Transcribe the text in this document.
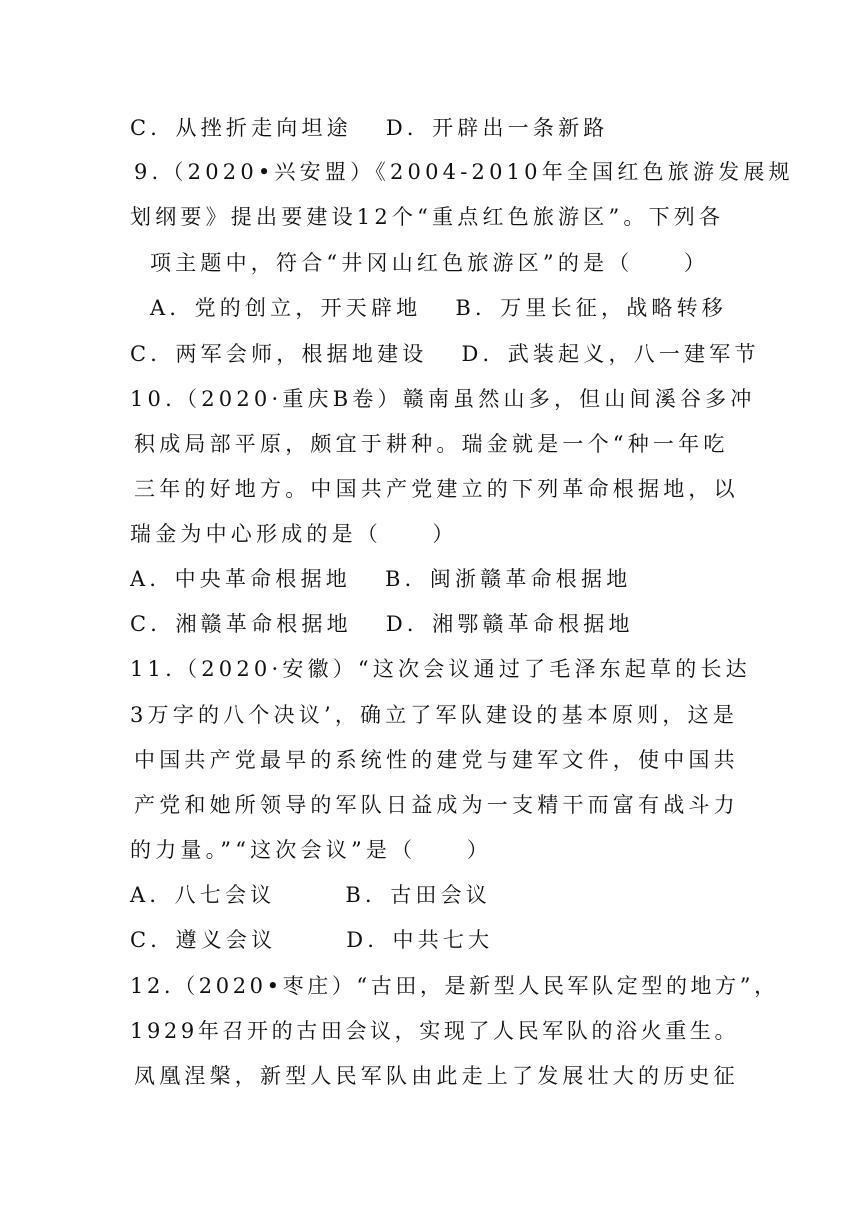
C．从挫折走向坦途 D．开辟出一条新路
9.（2020•兴安盟）《2004-2010年全国红色旅游发展规
划纲要》提出要建设12个“重点红色旅游区”。下列各
项主题中，符合“井冈山红色旅游区”的是（　　）
A．党的创立，开天辟地 B．万里长征，战略转移
C．两军会师，根据地建设 D．武装起义，八一建军节
10.（2020·重庆B卷）赣南虽然山多，但山间溪谷多冲
积成局部平原，颇宜于耕种。瑞金就是一个“种一年吃
三年的好地方。中国共产党建立的下列革命根据地，以
瑞金为中心形成的是（　　）
A．中央革命根据地 B．闽浙赣革命根据地
C．湘赣革命根据地 D．湘鄂赣革命根据地
11.（2020·安徽）“这次会议通过了毛泽东起草的长达
3万字的八个决议’，确立了军队建设的基本原则，这是
中国共产党最早的系统性的建党与建军文件，使中国共
产党和她所领导的军队日益成为一支精干而富有战斗力
的力量。”“这次会议”是（　　）
A．八七会议	B．古田会议
C．遵义会议	D．中共七大
12.（2020•枣庄）“古田，是新型人民军队定型的地方”，
1929年召开的古田会议，实现了人民军队的浴火重生。
凤凰涅槃，新型人民军队由此走上了发展壮大的历史征
